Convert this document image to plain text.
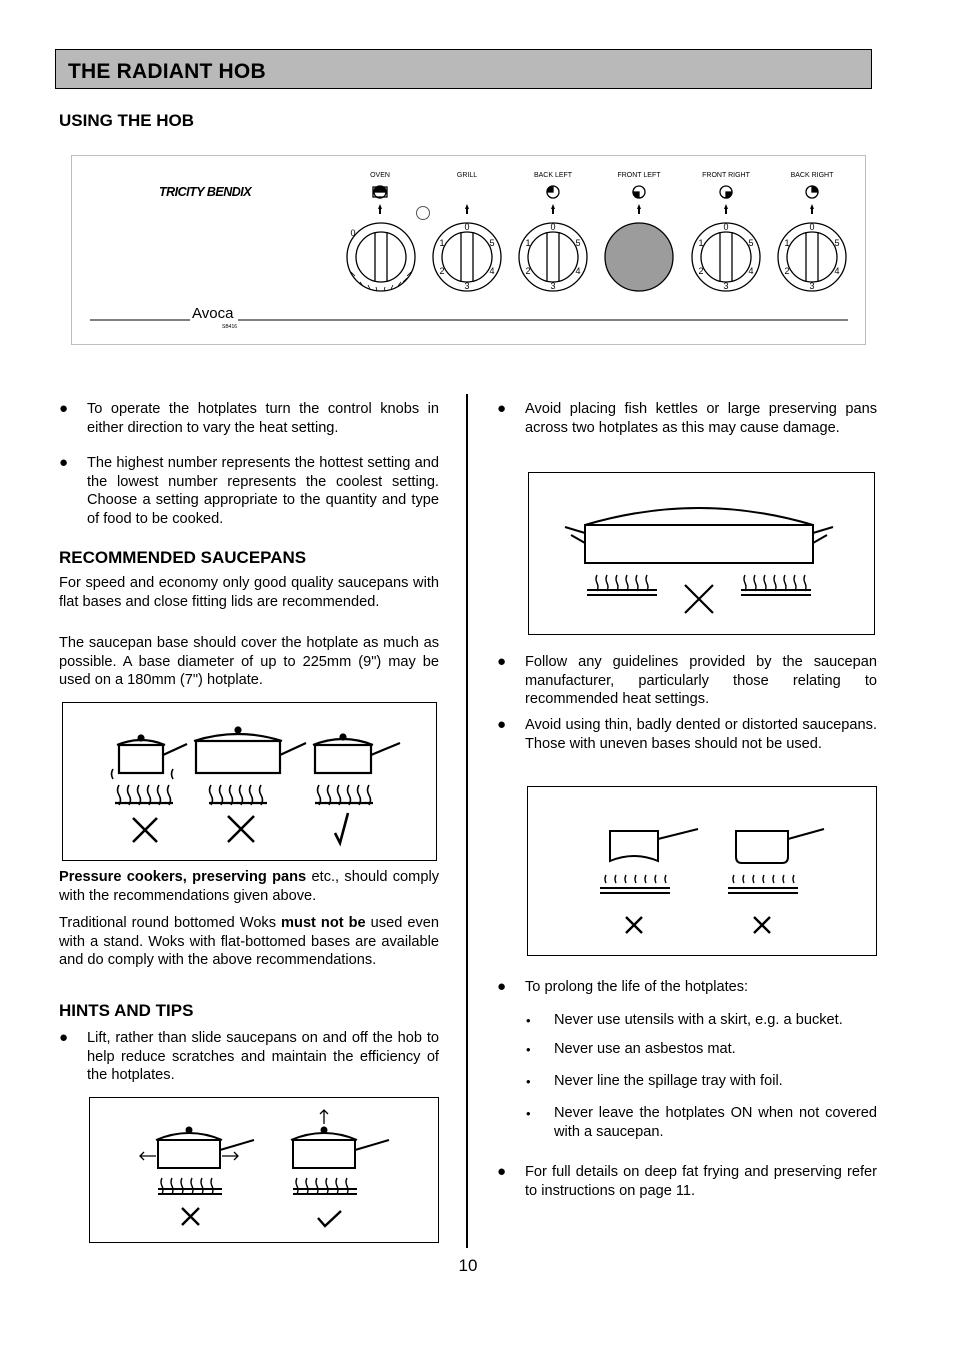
THE RADIANT HOB
USING THE HOB
TRICITY BENDIX
OVEN	GRILL	BACK LEFT	FRONT LEFT	FRONT RIGHT	BACK RIGHT
0
0
1
2
3
4
5
0
1
2
3
4
5
0
1
2
3
4
5
0
1
2
3
4
5
Avoca
SB416
● To operate the hotplates turn the control knobs in either direction to vary the heat setting.
● The highest number represents the hottest setting and the lowest number represents the coolest setting. Choose a setting appropriate to the quantity and type of food to be cooked.
RECOMMENDED SAUCEPANS
For speed and economy only good quality saucepans with flat bases and close fitting lids are recommended.
The saucepan base should cover the hotplate as much as possible. A base diameter of up to 225mm (9") may be used on a 180mm (7") hotplate.
Pressure cookers, preserving pans etc., should comply with the recommendations given above.
Traditional round bottomed Woks must not be used even with a stand. Woks with flat-bottomed bases are available and do comply with the above recommendations.
HINTS AND TIPS
● Lift, rather than slide saucepans on and off the hob to help reduce scratches and maintain the efficiency of the hotplates.
● Avoid placing fish kettles or large preserving pans across two hotplates as this may cause damage.
● Follow any guidelines provided by the saucepan manufacturer, particularly those relating to recommended heat settings.
● Avoid using thin, badly dented or distorted saucepans. Those with uneven bases should not be used.
● To prolong the life of the hotplates:
• Never use utensils with a skirt, e.g. a bucket.
• Never use an asbestos mat.
• Never line the spillage tray with foil.
• Never leave the hotplates ON when not covered with a saucepan.
● For full details on deep fat frying and preserving refer to instructions on page 11.
10
